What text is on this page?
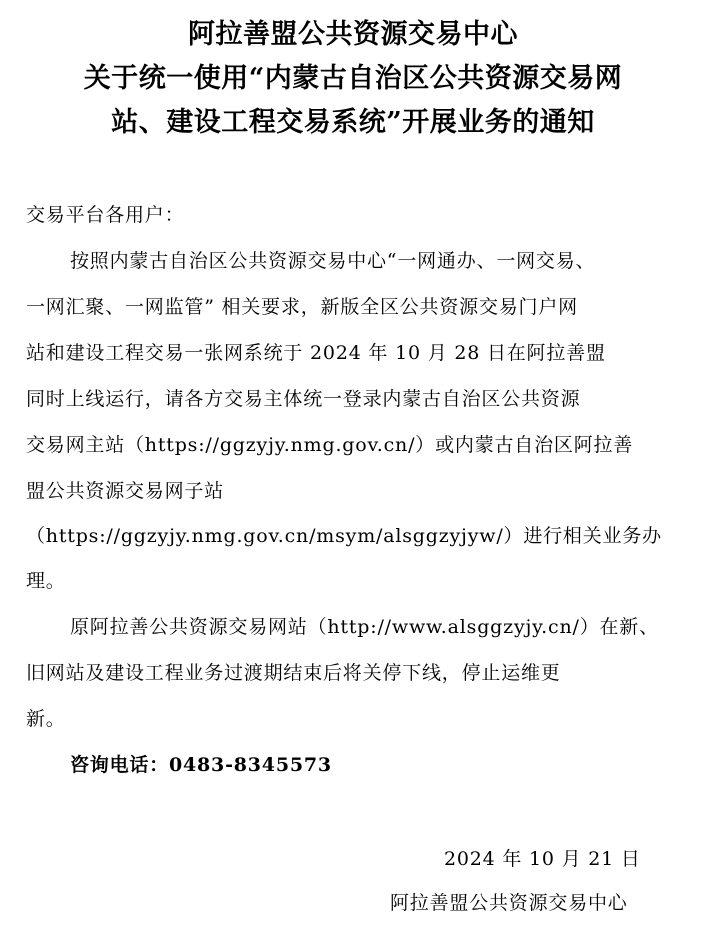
阿拉善盟公共资源交易中心
关于统一使用“内蒙古自治区公共资源交易网
站、建设工程交易系统”开展业务的通知
交易平台各用户：
按照内蒙古自治区公共资源交易中心“一网通办、一网交易、
一网汇聚、一网监管” 相关要求，新版全区公共资源交易门户网
站和建设工程交易一张网系统于 2024 年 10 月 28 日在阿拉善盟
同时上线运行，请各方交易主体统一登录内蒙古自治区公共资源
交易网主站（https://ggzyjy.nmg.gov.cn/）或内蒙古自治区阿拉善
盟公共资源交易网子站
（https://ggzyjy.nmg.gov.cn/msym/alsggzyjyw/）进行相关业务办
理。
原阿拉善公共资源交易网站（http://www.alsggzyjy.cn/）在新、
旧网站及建设工程业务过渡期结束后将关停下线，停止运维更
新。
咨询电话：0483-8345573
2024 年 10 月 21 日
阿拉善盟公共资源交易中心
